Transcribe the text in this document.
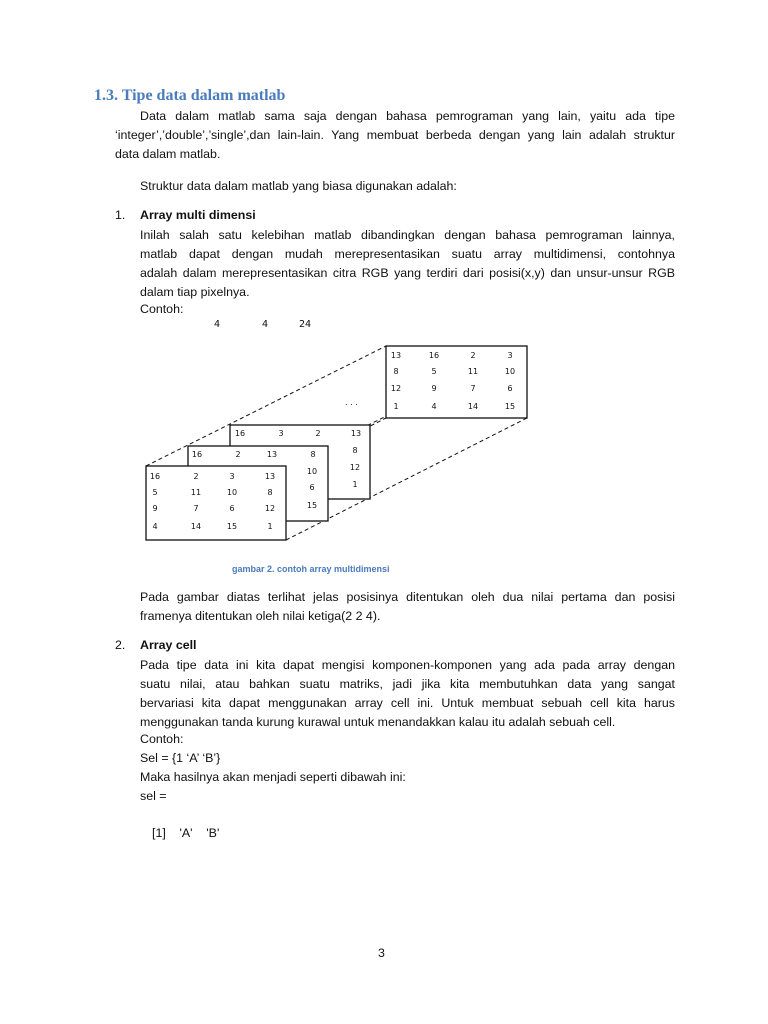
1.3. Tipe data dalam matlab
Data dalam matlab sama saja dengan bahasa pemrograman yang lain, yaitu ada tipe
‘integer’,’double’,’single’,dan lain-lain. Yang membuat berbeda dengan yang lain adalah struktur
data dalam matlab.
Struktur data dalam matlab yang biasa digunakan adalah:
1. Array multi dimensi
Inilah salah satu kelebihan matlab dibandingkan dengan bahasa pemrograman lainnya,
matlab dapat dengan mudah merepresentasikan suatu array multidimensi, contohnya
adalah dalam merepresentasikan citra RGB yang terdiri dari posisi(x,y) dan unsur-unsur RGB
dalam tiap pixelnya.
Contoh:
4	4	24
13	16	2	3
8	5	11	10
12	9	7	6
1	4	14	15
. . .
16	3	2	13
8
12
1
16	2	13	8
10
6
15
16	2	3	13
5	11	10	8
9	7	6	12
4	14	15	1
gambar 2. contoh array multidimensi
Pada gambar diatas terlihat jelas posisinya ditentukan oleh dua nilai pertama dan posisi
framenya ditentukan oleh nilai ketiga(2 2 4).
2. Array cell
Pada tipe data ini kita dapat mengisi komponen-komponen yang ada pada array dengan
suatu nilai, atau bahkan suatu matriks, jadi jika kita membutuhkan data yang sangat
bervariasi kita dapat menggunakan array cell ini. Untuk membuat sebuah cell kita harus
menggunakan tanda kurung kurawal untuk menandakkan kalau itu adalah sebuah cell.
Contoh:
Sel = {1 ‘A’ ‘B’}
Maka hasilnya akan menjadi seperti dibawah ini:
sel =
[1]    'A'    'B'
3
